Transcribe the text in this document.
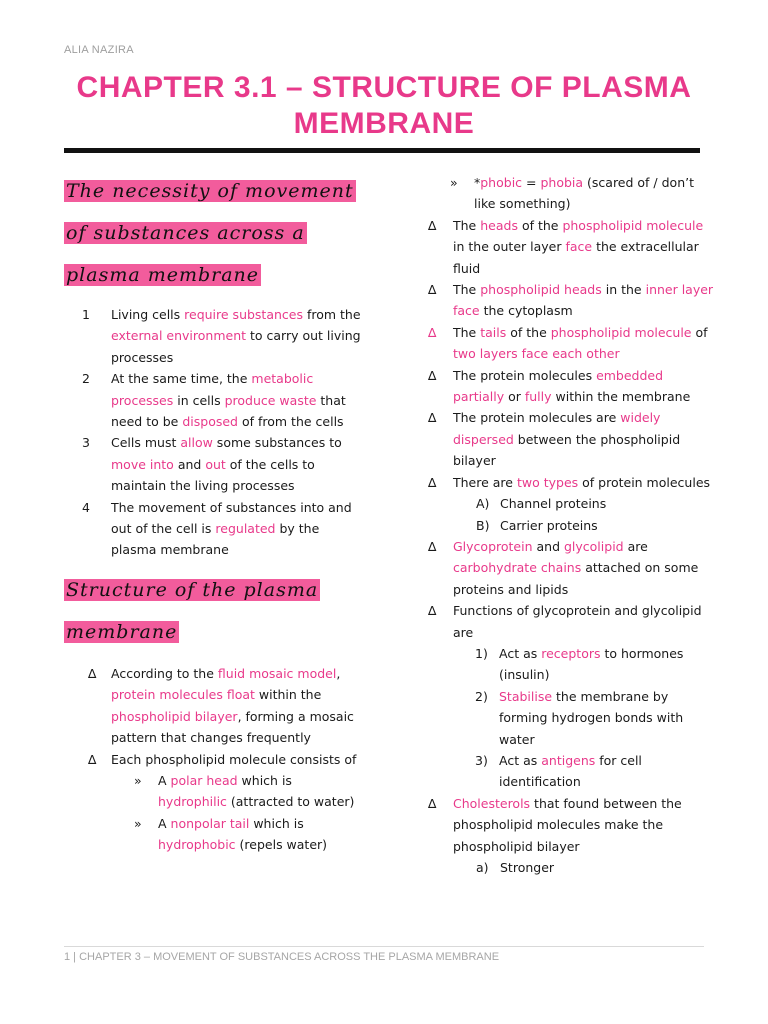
ALIA NAZIRA
CHAPTER 3.1 – STRUCTURE OF PLASMA
MEMBRANE
The necessity of movement of substances across a plasma membrane
1 Living cells require substances from the external environment to carry out living processes
2 At the same time, the metabolic processes in cells produce waste that need to be disposed of from the cells
3 Cells must allow some substances to move into and out of the cells to maintain the living processes
4 The movement of substances into and out of the cell is regulated by the plasma membrane
Structure of the plasma membrane
∆ According to the fluid mosaic model, protein molecules float within the phospholipid bilayer, forming a mosaic pattern that changes frequently
∆ Each phospholipid molecule consists of
» A polar head which is hydrophilic (attracted to water)
» A nonpolar tail which is hydrophobic (repels water)
» *phobic = phobia (scared of / don’t like something)
∆ The heads of the phospholipid molecule in the outer layer face the extracellular fluid
∆ The phospholipid heads in the inner layer face the cytoplasm
∆ The tails of the phospholipid molecule of two layers face each other
∆ The protein molecules embedded partially or fully within the membrane
∆ The protein molecules are widely dispersed between the phospholipid bilayer
∆ There are two types of protein molecules
A) Channel proteins
B) Carrier proteins
∆ Glycoprotein and glycolipid are carbohydrate chains attached on some proteins and lipids
∆ Functions of glycoprotein and glycolipid are
1) Act as receptors to hormones (insulin)
2) Stabilise the membrane by forming hydrogen bonds with water
3) Act as antigens for cell identification
∆ Cholesterols that found between the phospholipid molecules make the phospholipid bilayer
a) Stronger
1 | CHAPTER 3 – MOVEMENT OF SUBSTANCES ACROSS THE PLASMA MEMBRANE
